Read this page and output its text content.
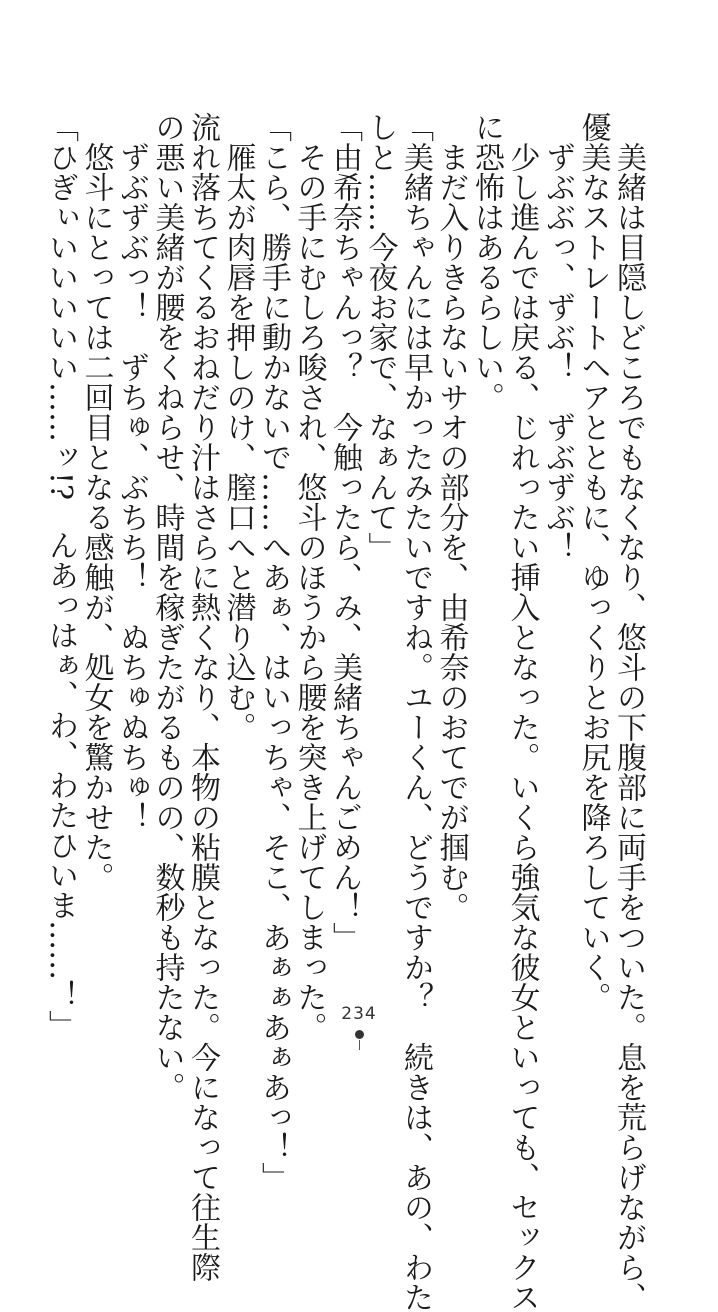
美緒は目隠しどころでもなくなり、悠斗の下腹部に両手をついた。息を荒らげながら、

優美なストレートヘアとともに、ゆっくりとお尻を降ろしていく。

ずぶぶっ、ずぶ！　ずぶずぶ！

少し進んでは戻る、じれったい挿入となった。いくら強気な彼女といっても、セックス

に恐怖はあるらしい。

まだ入りきらないサオの部分を、由希奈のおてでが掴む。

「美緒ちゃんには早かったみたいですね。ユーくん、どうですか？　続きは、あの、わた

しと……今夜お家で、なぁんて」

「由希奈ちゃんっ？　今触ったら、み、美緒ちゃんごめん！」

その手にむしろ唆され、悠斗のほうから腰を突き上げてしまった。

「こら、勝手に動かないで……へあぁ、はいっちゃ、そこ、あぁぁあぁあっ！」

雁太が肉唇を押しのけ、膣口へと潜り込む。

流れ落ちてくるおねだり汁はさらに熱くなり、本物の粘膜となった。今になって往生際

の悪い美緒が腰をくねらせ、時間を稼ぎたがるものの、数秒も持たない。

ずぶずぶっ！　ずちゅ、ぶちち！　ぬちゅぬちゅ！

悠斗にとっては二回目となる感触が、処女を驚かせた。

「ひぎぃいいいいい……ッ!?　んあっはぁ、わ、わたひいま……！」	234
